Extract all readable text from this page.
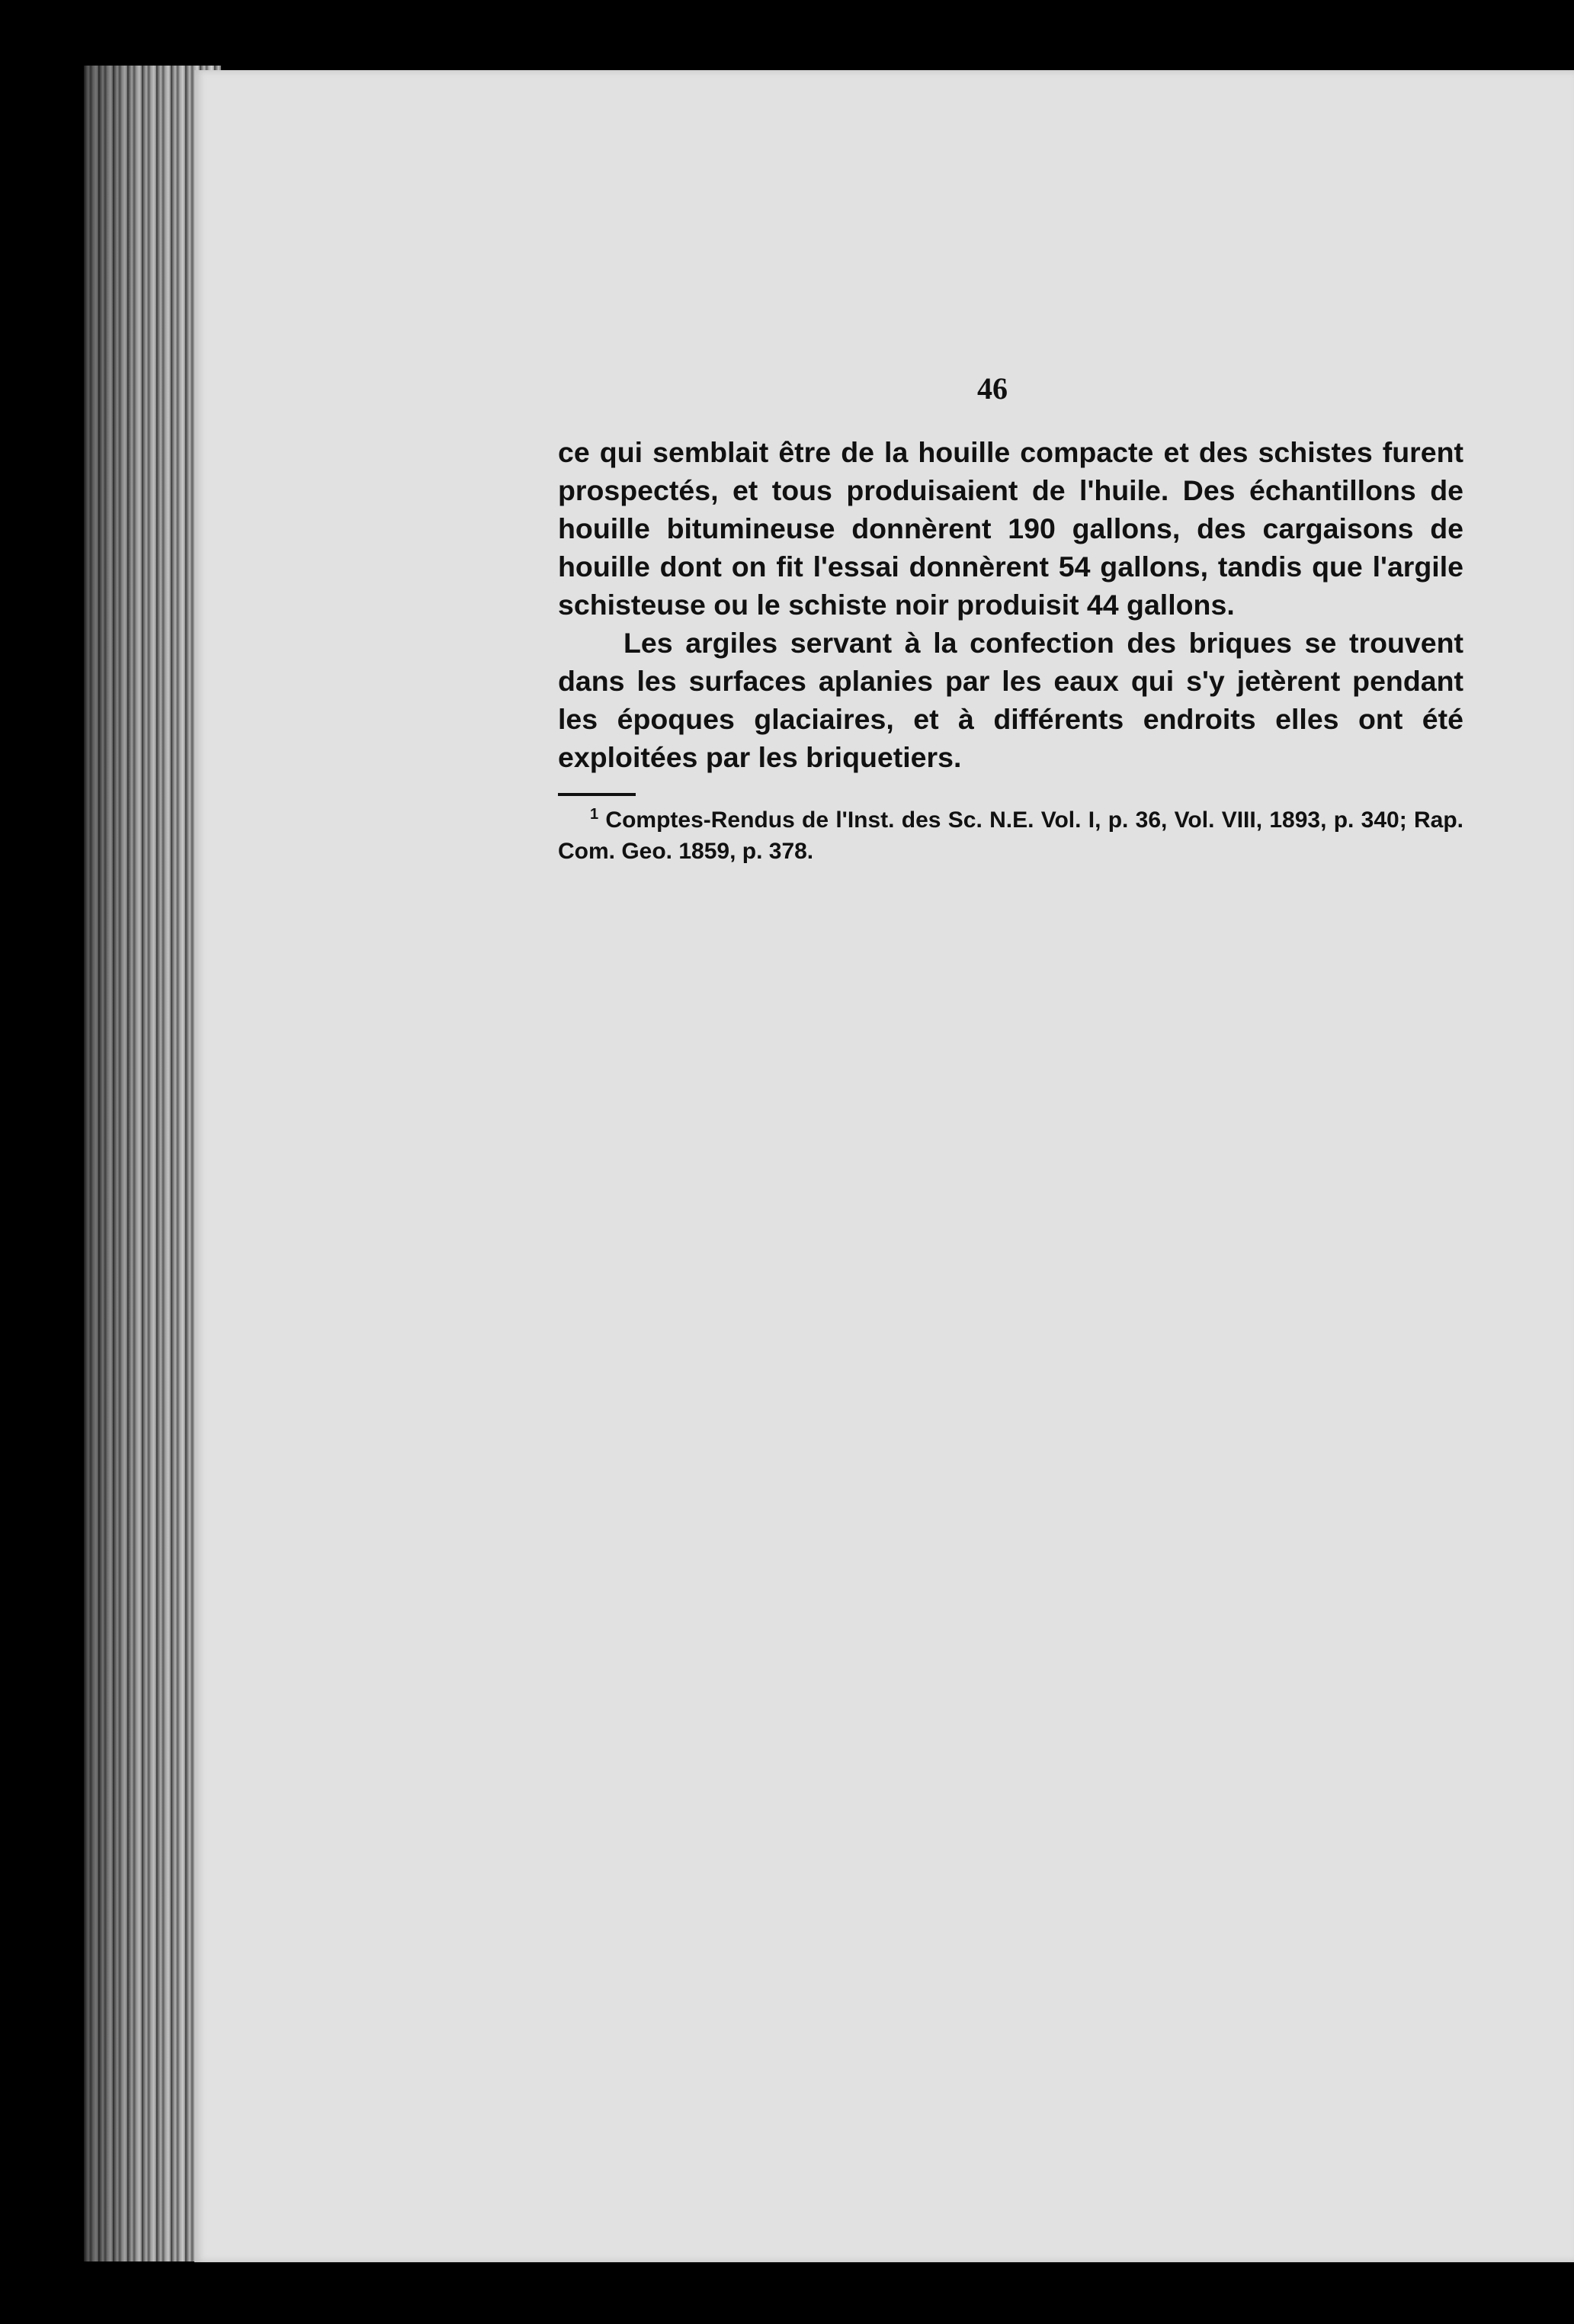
46

ce qui semblait être de la houille compacte et des schistes furent prospectés, et tous produisaient de l'huile. Des échantillons de houille bitumineuse donnèrent 190 gallons, des cargaisons de houille dont on fit l'essai donnèrent 54 gallons, tandis que l'argile schisteuse ou le schiste noir produisit 44 gallons.

Les argiles servant à la confection des briques se trouvent dans les surfaces aplanies par les eaux qui s'y jetèrent pendant les époques glaciaires, et à différents endroits elles ont été exploitées par les briquetiers.

$^1$ Comptes-Rendus de l'Inst. des Sc. N.E. Vol. I, p. 36, Vol. VIII, 1893, p. 340; Rap. Com. Geo. 1859, p. 378.
